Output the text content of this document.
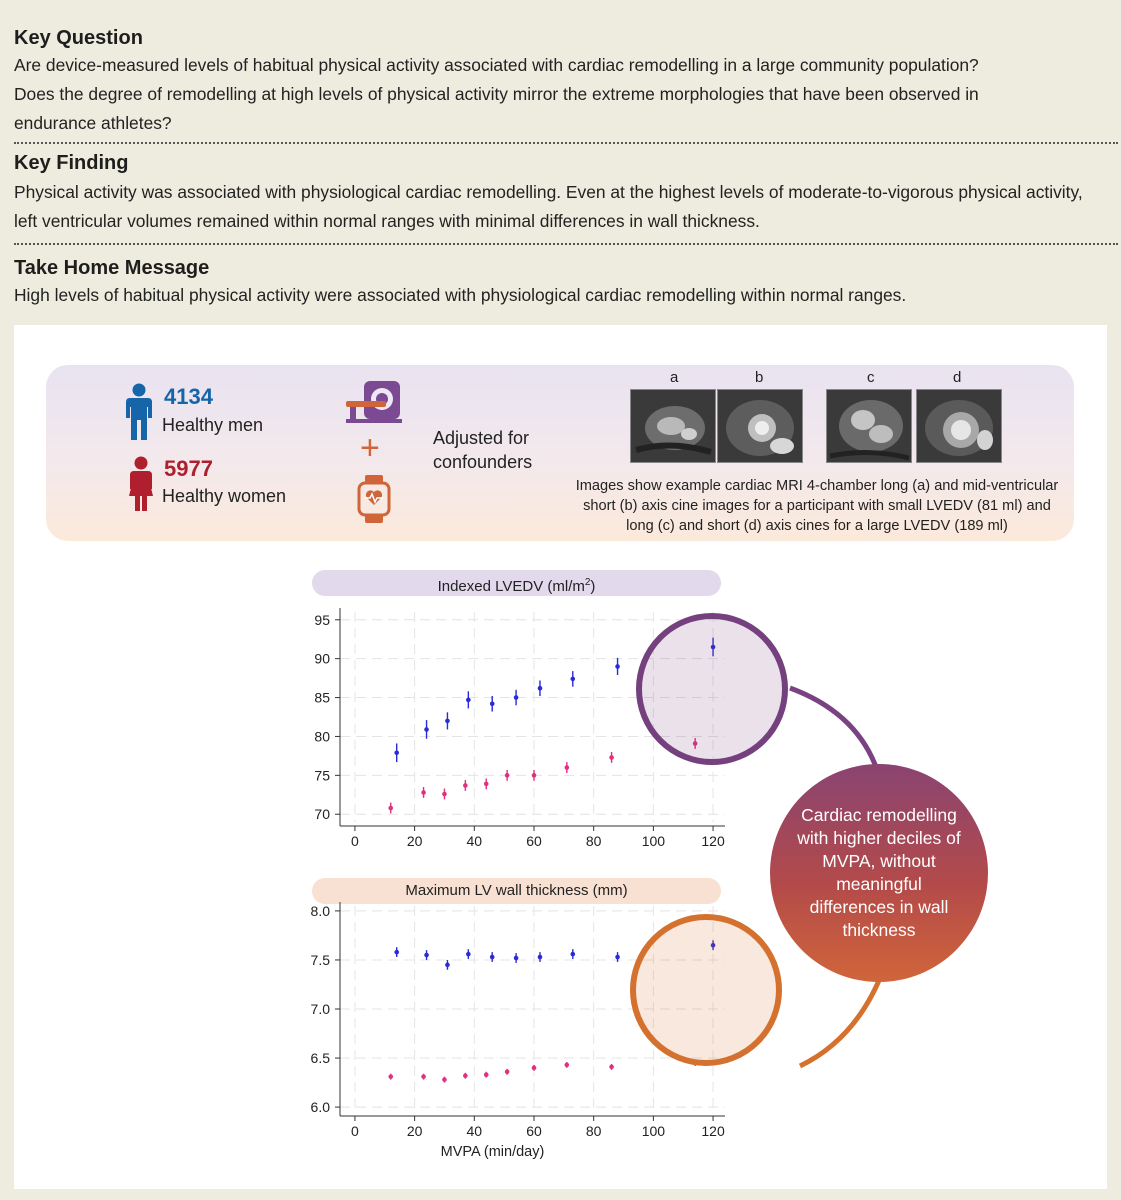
Key Question

Are device-measured levels of habitual physical activity associated with cardiac remodelling in a large community population?
Does the degree of remodelling at high levels of physical activity mirror the extreme morphologies that have been observed in
endurance athletes?

Key Finding

Physical activity was associated with physiological cardiac remodelling. Even at the highest levels of moderate-to-vigorous physical activity,
left ventricular volumes remained within normal ranges with minimal differences in wall thickness.

Take Home Message

High levels of habitual physical activity were associated with physiological cardiac remodelling within normal ranges.

4134
Healthy men
5977
Healthy women
+	Adjusted for
confounders
a	b	c	d
Images show example cardiac MRI 4-chamber long (a) and mid-ventricular
short (b) axis cine images for a participant with small LVEDV (81 ml) and
long (c) and short (d) axis cines for a large LVEDV (189 ml)
Indexed LVEDV $(ml/m^2)$
Maximum LV wall thickness (mm)
70
75
80
85
90
95
0	20	40	60	80	100	120
6.0
6.5
7.0
7.5
8.0
0	20	40	60	80	100	120
MVPA (min/day)
Cardiac remodelling with higher deciles of MVPA, without meaningful differences in wall thickness
